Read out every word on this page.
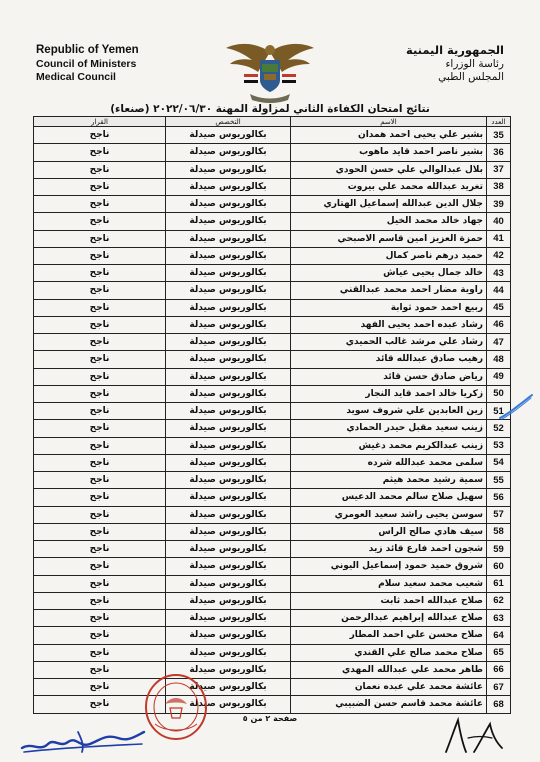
Republic of Yemen
Council of Ministers
Medical Council
الجمهورية اليمنية
رئاسة الوزراء
المجلس الطبي
نتائج امتحان الكفاءة الثاني لمزاولة المهنة ٢٠٢٢/٠٦/٣٠ (صنعاء)
العدد	الاسم	التخصص	القرار
35	بشير علي يحيى احمد همدان	بكالوريوس صيدلة	ناجح
36	بشير ناصر احمد قايد ماهوب	بكالوريوس صيدلة	ناجح
37	بلال عبدالوالي علي حسن الحودي	بكالوريوس صيدلة	ناجح
38	تغريد عبدالله محمد علي بيروت	بكالوريوس صيدلة	ناجح
39	جلال الدين عبدالله إسماعيل الهتاري	بكالوريوس صيدلة	ناجح
40	جهاد خالد محمد الخيل	بكالوريوس صيدلة	ناجح
41	حمزة العزيز امين قاسم الاصبحي	بكالوريوس صيدلة	ناجح
42	حميد درهم ناصر كمال	بكالوريوس صيدلة	ناجح
43	خالد جمال يحيى عياش	بكالوريوس صيدلة	ناجح
44	راوية مضار احمد محمد عبدالقني	بكالوريوس صيدلة	ناجح
45	ربيع احمد حمود ثوابة	بكالوريوس صيدلة	ناجح
46	رشاد عبده احمد يحيى الفهد	بكالوريوس صيدلة	ناجح
47	رشاد علي مرشد غالب الحميدي	بكالوريوس صيدلة	ناجح
48	رهيب صادق عبدالله قائد	بكالوريوس صيدلة	ناجح
49	رياض صادق حسن قائد	بكالوريوس صيدلة	ناجح
50	زكريا خالد احمد قايد النجار	بكالوريوس صيدلة	ناجح
51	زين العابدين علي شروف سويد	بكالوريوس صيدلة	ناجح
52	زينب سعيد مقبل حيدر الحمادي	بكالوريوس صيدلة	ناجح
53	زينب عبدالكريم محمد دغيش	بكالوريوس صيدلة	ناجح
54	سلمى محمد عبدالله شرده	بكالوريوس صيدلة	ناجح
55	سمية رشيد محمد هيثم	بكالوريوس صيدلة	ناجح
56	سهيل صلاح سالم محمد الدعيس	بكالوريوس صيدلة	ناجح
57	سوسن يحيى راشد سعيد العومري	بكالوريوس صيدلة	ناجح
58	سيف هادي صالح الراس	بكالوريوس صيدلة	ناجح
59	شجون احمد فارع قائد زيد	بكالوريوس صيدلة	ناجح
60	شروق حميد حمود إسماعيل اليوني	بكالوريوس صيدلة	ناجح
61	شعيب محمد سعيد سلام	بكالوريوس صيدلة	ناجح
62	صلاح عبدالله احمد ثابت	بكالوريوس صيدلة	ناجح
63	صلاح عبدالله إبراهيم عبدالرحمن	بكالوريوس صيدلة	ناجح
64	صلاح محسن علي احمد المطار	بكالوريوس صيدلة	ناجح
65	صلاح محمد صالح علي القندي	بكالوريوس صيدلة	ناجح
66	طاهر محمد علي عبدالله المهدي	بكالوريوس صيدلة	ناجح
67	عائشة محمد علي عبده نعمان	بكالوريوس صيدلة	ناجح
68	عائشة محمد قاسم حسن الضبيبي	بكالوريوس صيدلة	ناجح
صفحة ٢ من ٥
